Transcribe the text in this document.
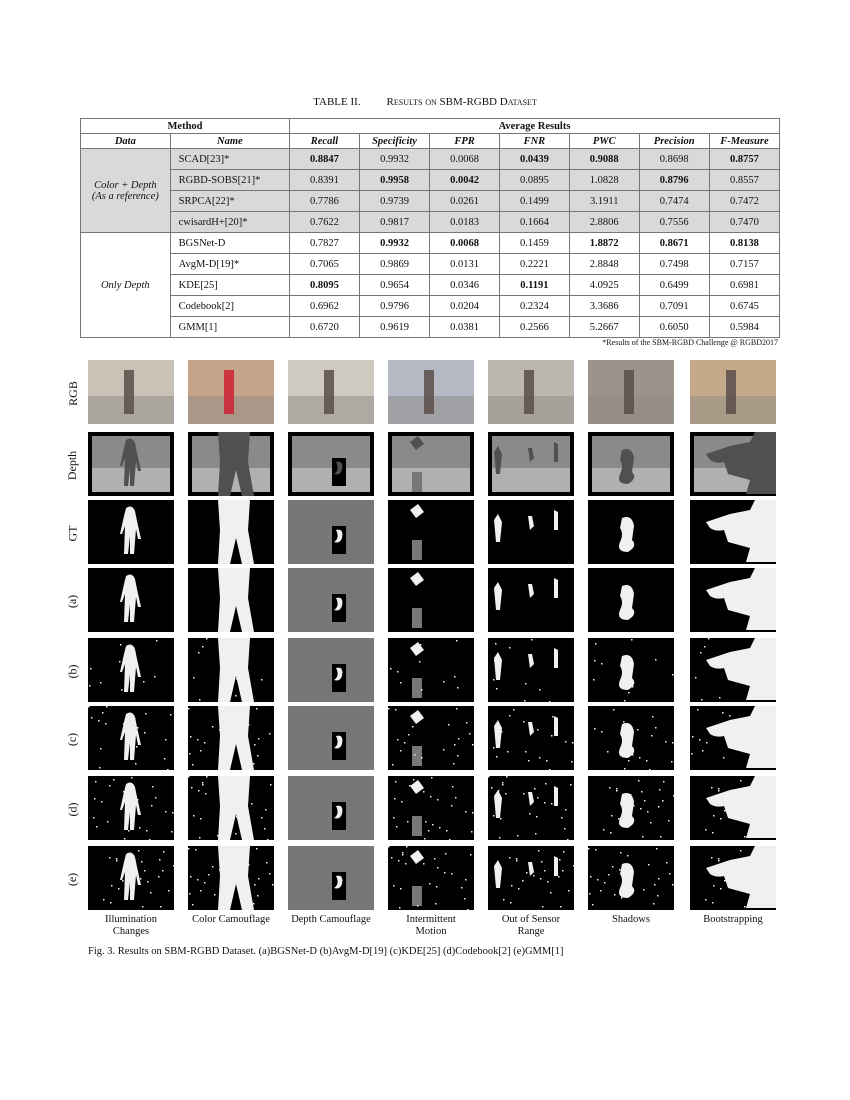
TABLE II. Results on SBM-RGBD Dataset
Method		Average Results						
Data	Name	Recall	Specificity	FPR	FNR	PWC	Precision	F-Measure

Color + Depth
(As a reference)	SCAD[23]*	0.8847	0.9932	0.0068	0.0439	0.9088	0.8698	0.8757
	RGBD-SOBS[21]*	0.8391	0.9958	0.0042	0.0895	1.0828	0.8796	0.8557
	SRPCA[22]*	0.7786	0.9739	0.0261	0.1499	3.1911	0.7474	0.7472
	cwisardH+[20]*	0.7622	0.9817	0.0183	0.1664	2.8806	0.7556	0.7470

Only Depth	BGSNet-D	0.7827	0.9932	0.0068	0.1459	1.8872	0.8671	0.8138
	AvgM-D[19]*	0.7065	0.9869	0.0131	0.2221	2.8848	0.7498	0.7157
	KDE[25]	0.8095	0.9654	0.0346	0.1191	4.0925	0.6499	0.6981
	Codebook[2]	0.6962	0.9796	0.0204	0.2324	3.3686	0.7091	0.6745
	GMM[1]	0.6720	0.9619	0.0381	0.2566	5.2667	0.6050	0.5984
*Results of the SBM-RGBD Challenge @ RGBD2017
RGB
Depth
GT
(a)
(b)
(c)
(d)
(e)
Illumination Changes
Color Camouflage	Depth Camouflage	Intermittent Motion
Out of Sensor Range
Shadows	Bootstrapping
Fig. 3. Results on SBM-RGBD Dataset. (a)BGSNet-D (b)AvgM-D[19] (c)KDE[25] (d)Codebook[2] (e)GMM[1]
